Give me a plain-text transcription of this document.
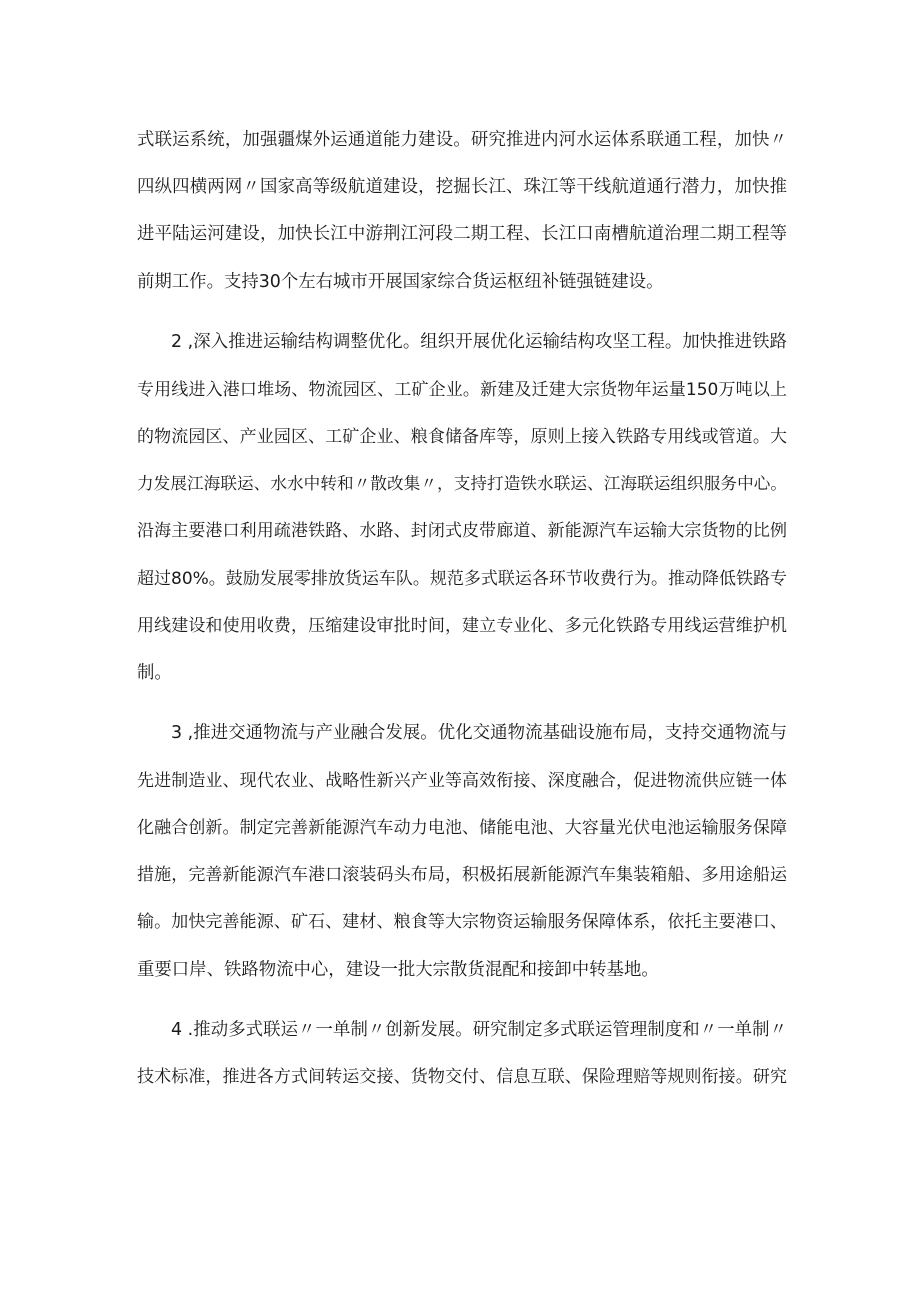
式联运系统，加强疆煤外运通道能力建设。研究推进内河水运体系联通工程，加快〃
四纵四横两网〃国家高等级航道建设，挖掘长江、珠江等干线航道通行潜力，加快推
进平陆运河建设，加快长江中游荆江河段二期工程、长江口南槽航道治理二期工程等
前期工作。支持30个左右城市开展国家综合货运枢纽补链强链建设。
2 ,深入推进运输结构调整优化。组织开展优化运输结构攻坚工程。加快推进铁路
专用线进入港口堆场、物流园区、工矿企业。新建及迁建大宗货物年运量150万吨以上
的物流园区、产业园区、工矿企业、粮食储备库等，原则上接入铁路专用线或管道。大
力发展江海联运、水水中转和〃散改集〃，支持打造铁水联运、江海联运组织服务中心。
沿海主要港口利用疏港铁路、水路、封闭式皮带廊道、新能源汽车运输大宗货物的比例
超过80%。鼓励发展零排放货运车队。规范多式联运各环节收费行为。推动降低铁路专
用线建设和使用收费，压缩建设审批时间，建立专业化、多元化铁路专用线运营维护机
制。
3 ,推进交通物流与产业融合发展。优化交通物流基础设施布局，支持交通物流与
先进制造业、现代农业、战略性新兴产业等高效衔接、深度融合，促进物流供应链一体
化融合创新。制定完善新能源汽车动力电池、储能电池、大容量光伏电池运输服务保障
措施，完善新能源汽车港口滚装码头布局，积极拓展新能源汽车集装箱船、多用途船运
输。加快完善能源、矿石、建材、粮食等大宗物资运输服务保障体系，依托主要港口、
重要口岸、铁路物流中心，建设一批大宗散货混配和接卸中转基地。
4 .推动多式联运〃一单制〃创新发展。研究制定多式联运管理制度和〃一单制〃
技术标准，推进各方式间转运交接、货物交付、信息互联、保险理赔等规则衔接。研究
